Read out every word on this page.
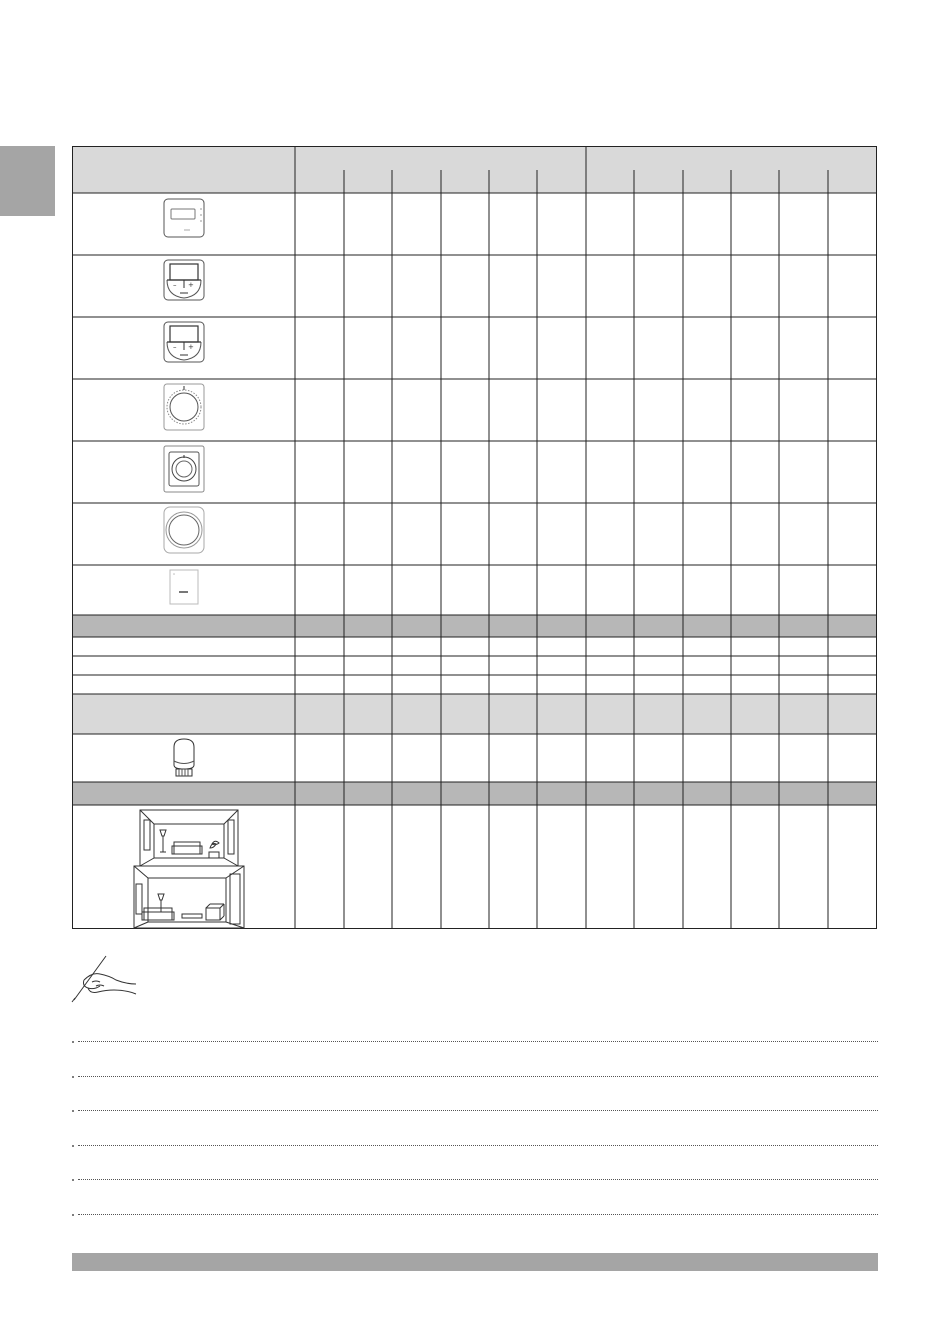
– +
– +
